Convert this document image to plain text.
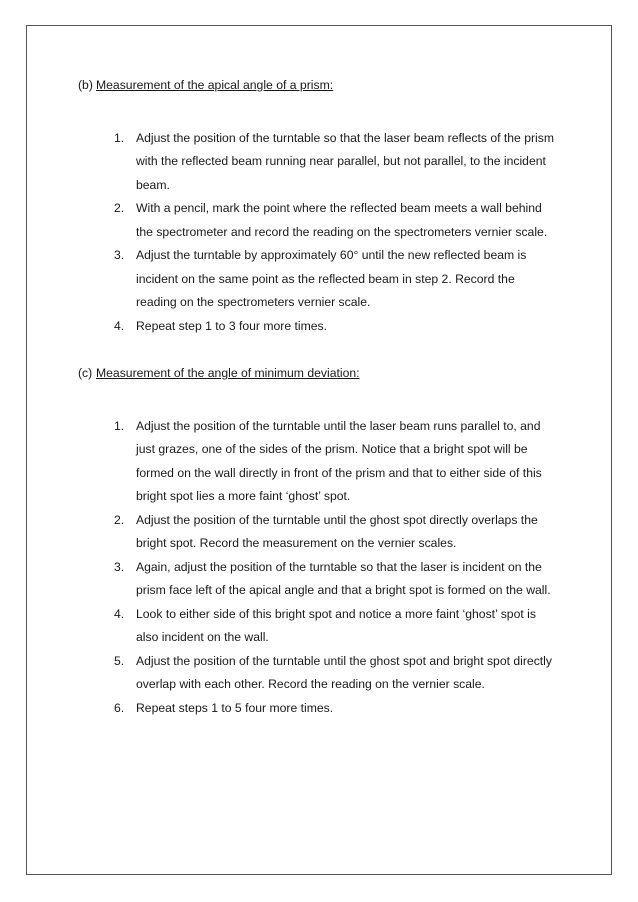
(b) Measurement of the apical angle of a prism:

1. Adjust the position of the turntable so that the laser beam reflects of the prism with the reflected beam running near parallel, but not parallel, to the incident beam.
2. With a pencil, mark the point where the reflected beam meets a wall behind the spectrometer and record the reading on the spectrometers vernier scale.
3. Adjust the turntable by approximately 60° until the new reflected beam is incident on the same point as the reflected beam in step 2. Record the reading on the spectrometers vernier scale.
4. Repeat step 1 to 3 four more times.

(c) Measurement of the angle of minimum deviation:

1. Adjust the position of the turntable until the laser beam runs parallel to, and just grazes, one of the sides of the prism. Notice that a bright spot will be formed on the wall directly in front of the prism and that to either side of this bright spot lies a more faint ‘ghost’ spot.
2. Adjust the position of the turntable until the ghost spot directly overlaps the bright spot. Record the measurement on the vernier scales.
3. Again, adjust the position of the turntable so that the laser is incident on the prism face left of the apical angle and that a bright spot is formed on the wall.
4. Look to either side of this bright spot and notice a more faint ‘ghost’ spot is also incident on the wall.
5. Adjust the position of the turntable until the ghost spot and bright spot directly overlap with each other. Record the reading on the vernier scale.
6. Repeat steps 1 to 5 four more times.
